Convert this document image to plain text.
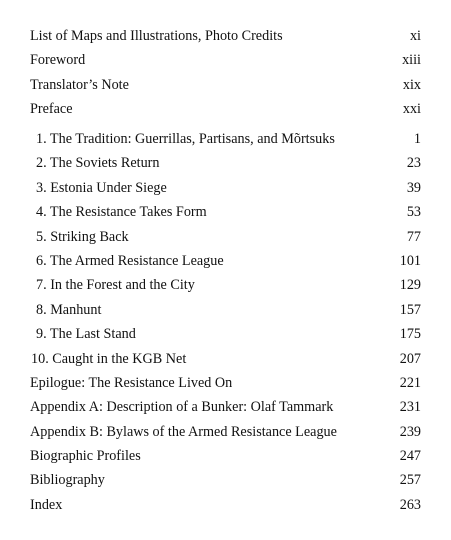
List of Maps and Illustrations, Photo Credits	xi
Foreword	xiii
Translator’s Note	xix
Preface	xxi
1. The Tradition: Guerrillas, Partisans, and Mõrtsuks	1
2. The Soviets Return	23
3. Estonia Under Siege	39
4. The Resistance Takes Form	53
5. Striking Back	77
6. The Armed Resistance League	101
7. In the Forest and the City	129
8. Manhunt	157
9. The Last Stand	175
10. Caught in the KGB Net	207
Epilogue: The Resistance Lived On	221
Appendix A: Description of a Bunker: Olaf Tammark	231
Appendix B: Bylaws of the Armed Resistance League	239
Biographic Profiles	247
Bibliography	257
Index	263
